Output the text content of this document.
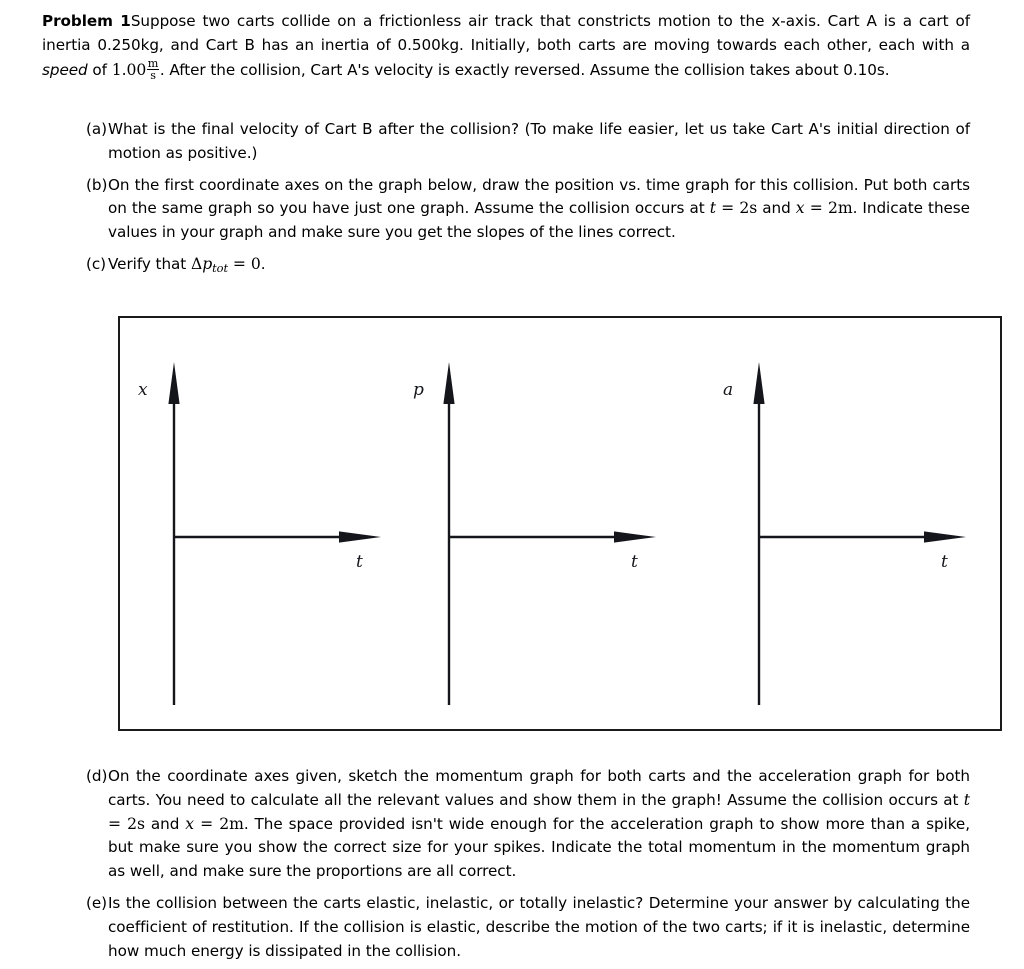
Problem 1Suppose two carts collide on a frictionless air track that constricts motion to the x-axis. Cart A is a cart of inertia 0.250kg, and Cart B has an inertia of 0.500kg. Initially, both carts are moving towards each other, each with a speed of $1.00 \frac{m}{s}$ . After the collision, Cart A's velocity is exactly reversed. Assume the collision takes about 0.10s.
(a) What is the final velocity of Cart B after the collision? (To make life easier, let us take Cart A's initial direction of motion as positive.)
(b) On the first coordinate axes on the graph below, draw the position vs. time graph for this collision. Put both carts on the same graph so you have just one graph. Assume the collision occurs at t = 2s and x = 2m. Indicate these values in your graph and make sure you get the slopes of the lines correct.
(c) Verify that Δptot = 0.
x
t
p
t
a
t
(d) On the coordinate axes given, sketch the momentum graph for both carts and the acceleration graph for both carts. You need to calculate all the relevant values and show them in the graph! Assume the collision occurs at t = 2s and x = 2m. The space provided isn't wide enough for the acceleration graph to show more than a spike, but make sure you show the correct size for your spikes. Indicate the total momentum in the momentum graph as well, and make sure the proportions are all correct.
(e) Is the collision between the carts elastic, inelastic, or totally inelastic? Determine your answer by calculating the coefficient of restitution. If the collision is elastic, describe the motion of the two carts; if it is inelastic, determine how much energy is dissipated in the collision.
